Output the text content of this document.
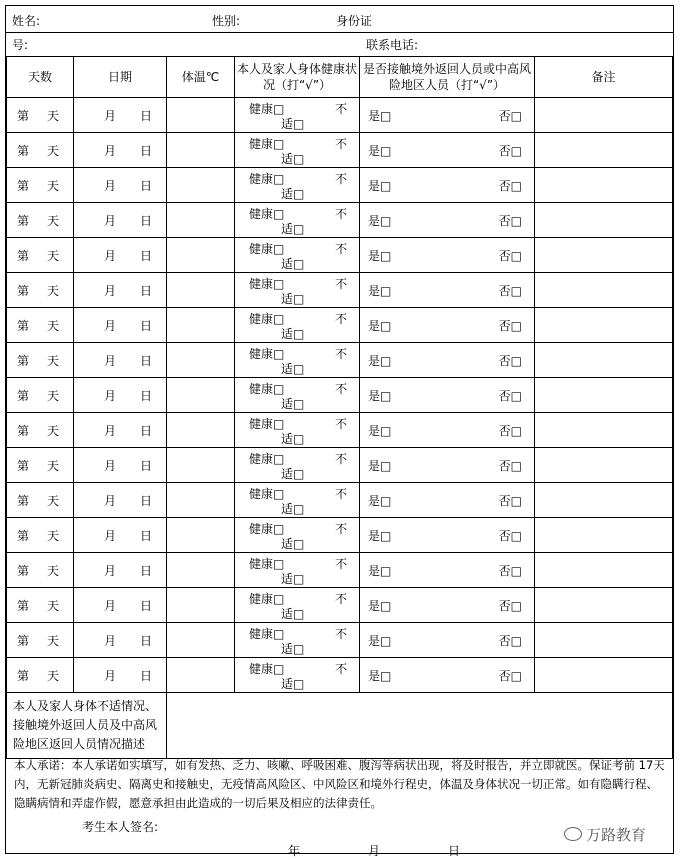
姓名:	性别:	身份证
号:	联系电话:
天数	日期	体温℃	本人及家人身体健康状况（打“√”）	是否接触境外返回人员或中高风险地区人员（打“√”）	备注

第 天	月 日		健康□ 不
适□	是□ 否□	

第 天	月 日		健康□ 不
适□	是□ 否□	

第 天	月 日		健康□ 不
适□	是□ 否□	

第 天	月 日		健康□ 不
适□	是□ 否□	

第 天	月 日		健康□ 不
适□	是□ 否□	

第 天	月 日		健康□ 不
适□	是□ 否□	

第 天	月 日		健康□ 不
适□	是□ 否□	

第 天	月 日		健康□ 不
适□	是□ 否□	

第 天	月 日		健康□ 不
适□	是□ 否□	

第 天	月 日		健康□ 不
适□	是□ 否□	

第 天	月 日		健康□ 不
适□	是□ 否□	

第 天	月 日		健康□ 不
适□	是□ 否□	

第 天	月 日		健康□ 不
适□	是□ 否□	

第 天	月 日		健康□ 不
适□	是□ 否□	

第 天	月 日		健康□ 不
适□	是□ 否□	

第 天	月 日		健康□ 不
适□	是□ 否□	

第 天	月 日		健康□ 不
适□	是□ 否□	

本人及家人身体不适情况、接触境外返回人员及中高风险地区返回人员情况描述					
本人承诺：本人承诺如实填写，如有发热、乏力、咳嗽、呼吸困难、腹泻等病状出现，将及时报告，并立即就医。保证考前 17天内，无新冠肺炎病史、隔离史和接触史，无疫情高风险区、中风险区和境外行程史，体温及身体状况一切正常。如有隐瞒行程、隐瞒病情和弄虚作假，愿意承担由此造成的一切后果及相应的法律责任。
考生本人签名:
年	月	日
万路教育
